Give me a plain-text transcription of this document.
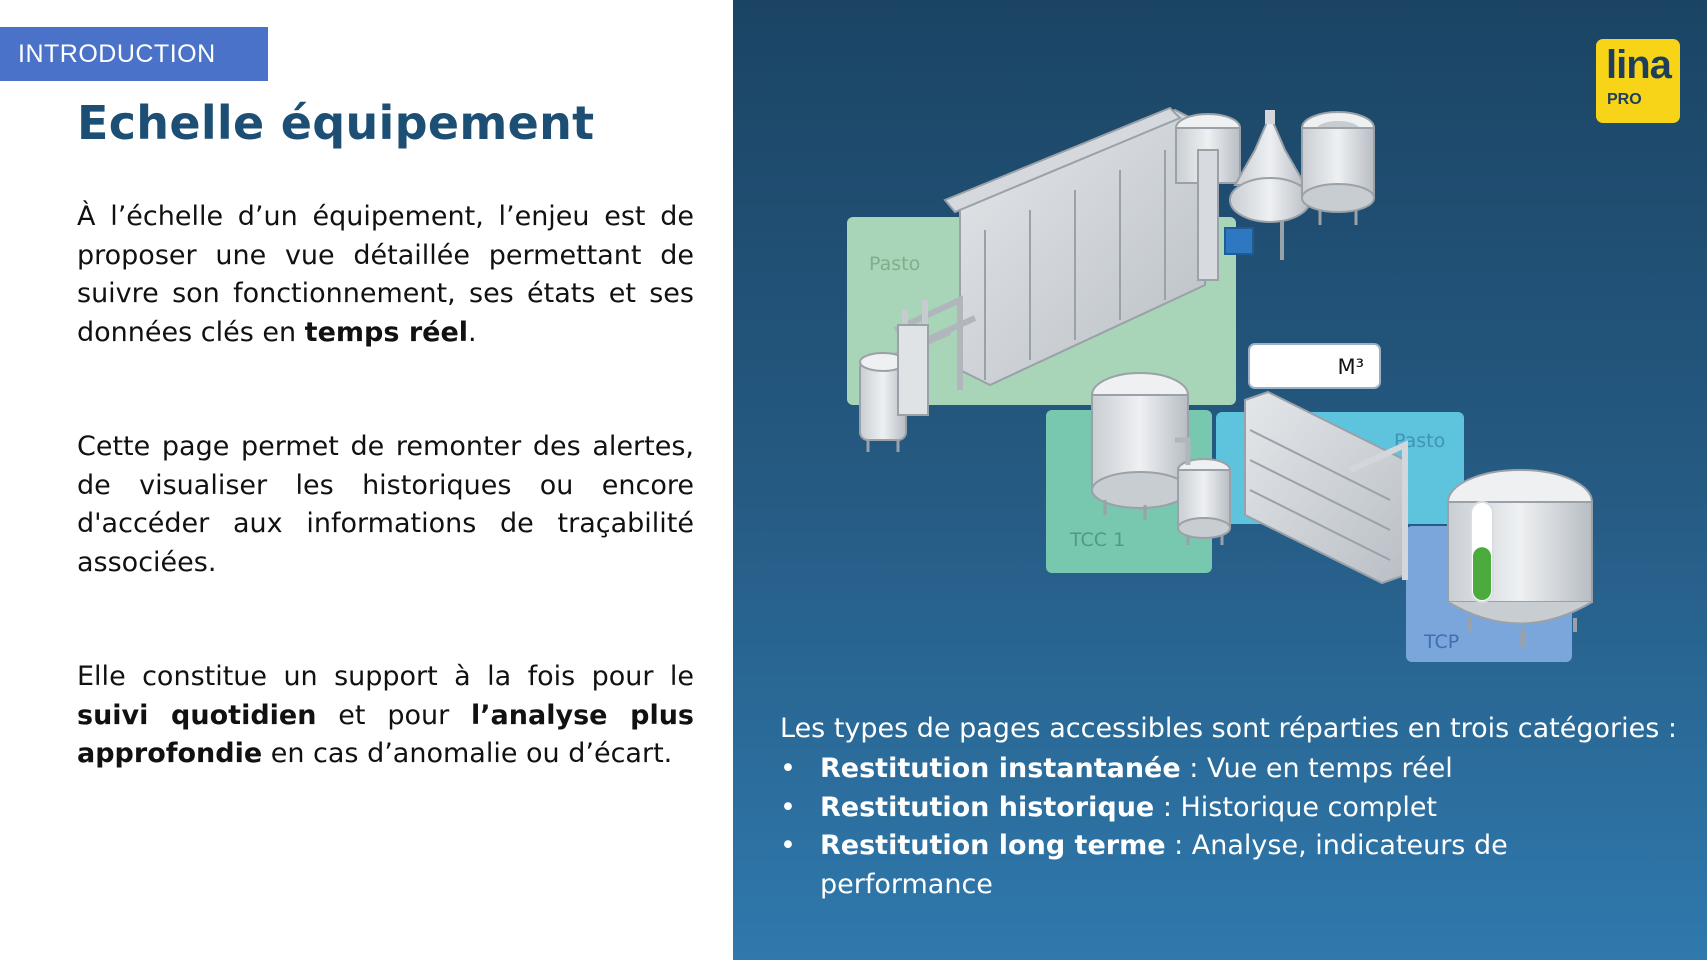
INTRODUCTION
Echelle équipement

À l’échelle d’un équipement, l’enjeu est de proposer une vue détaillée permettant de suivre son fonctionnement, ses états et ses données clés en temps réel.

Cette page permet de remonter des alertes, de visualiser les historiques ou encore d'accéder aux informations de traçabilité associées.

Elle constitue un support à la fois pour le suivi quotidien et pour l’analyse plus approfondie en cas d’anomalie ou d’écart.

lina
PRO
Pasto
TCC 1
Pasto
TCP
M³

Les types de pages accessibles sont réparties en trois catégories :

• Restitution instantanée : Vue en temps réel
• Restitution historique : Historique complet
• Restitution long terme : Analyse, indicateurs de performance
